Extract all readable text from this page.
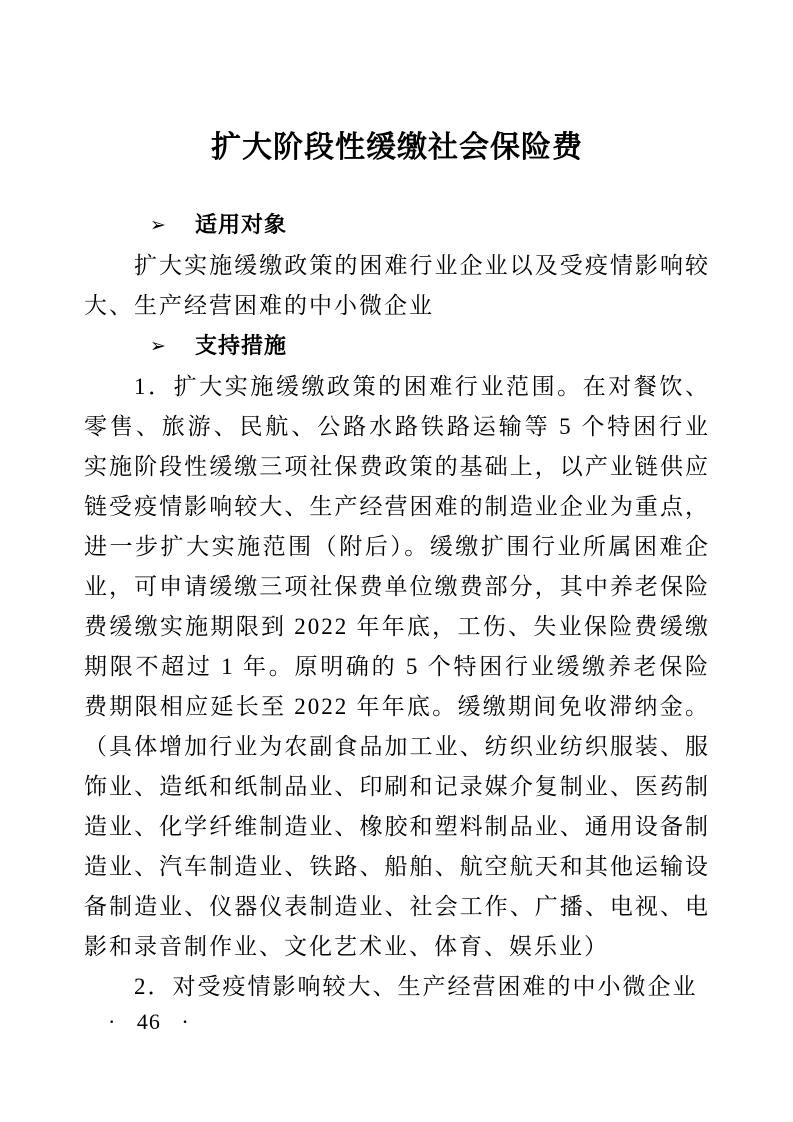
扩大阶段性缓缴社会保险费
➢ 适用对象

扩大实施缓缴政策的困难行业企业以及受疫情影响较大、生产经营困难的中小微企业

➢ 支持措施

1．扩大实施缓缴政策的困难行业范围。在对餐饮、零售、旅游、民航、公路水路铁路运输等 5 个特困行业实施阶段性缓缴三项社保费政策的基础上，以产业链供应链受疫情影响较大、生产经营困难的制造业企业为重点，进一步扩大实施范围（附后）。缓缴扩围行业所属困难企业，可申请缓缴三项社保费单位缴费部分，其中养老保险费缓缴实施期限到 2022 年年底，工伤、失业保险费缓缴期限不超过 1 年。原明确的 5 个特困行业缓缴养老保险费期限相应延长至 2022 年年底。缓缴期间免收滞纳金。（具体增加行业为农副食品加工业、纺织业纺织服装、服饰业、造纸和纸制品业、印刷和记录媒介复制业、医药制造业、化学纤维制造业、橡胶和塑料制品业、通用设备制造业、汽车制造业、铁路、船舶、航空航天和其他运输设备制造业、仪器仪表制造业、社会工作、广播、电视、电影和录音制作业、文化艺术业、体育、娱乐业）

2．对受疫情影响较大、生产经营困难的中小微企业

· 46 ·
